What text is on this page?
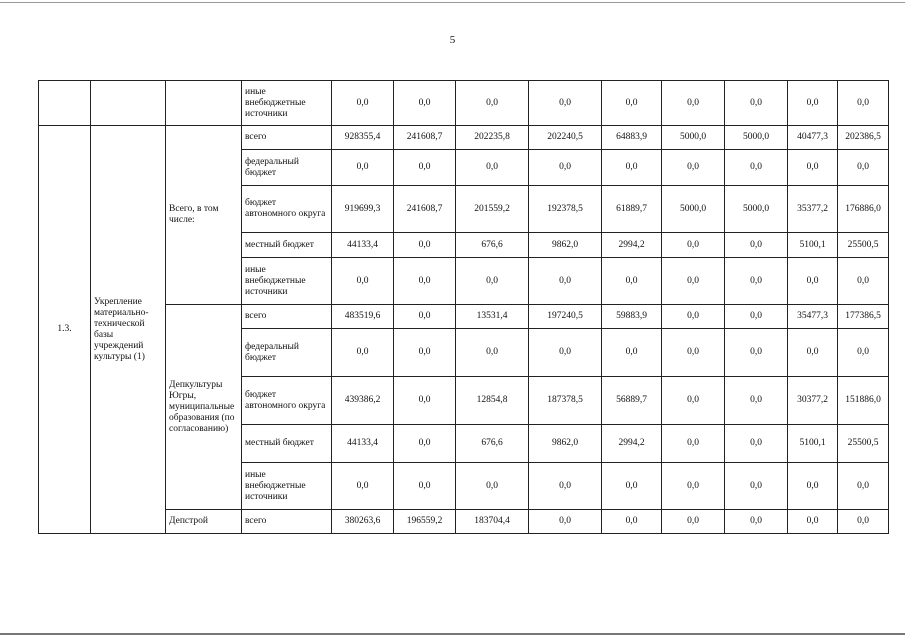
5
			иные внебюджетные источники	0,0	0,0	0,0	0,0	0,0	0,0	0,0	0,0	0,0
1.3.	Укрепление материально-технической базы учреждений культуры (1)	Всего, в том числе:	всего	928355,4	241608,7	202235,8	202240,5	64883,9	5000,0	5000,0	40477,3	202386,5
			федеральный бюджет	0,0	0,0	0,0	0,0	0,0	0,0	0,0	0,0	0,0
			бюджет автономного округа	919699,3	241608,7	201559,2	192378,5	61889,7	5000,0	5000,0	35377,2	176886,0
			местный бюджет	44133,4	0,0	676,6	9862,0	2994,2	0,0	0,0	5100,1	25500,5
			иные внебюджетные источники	0,0	0,0	0,0	0,0	0,0	0,0	0,0	0,0	0,0
		Депкультуры Югры, муниципальные образования (по согласованию)	всего	483519,6	0,0	13531,4	197240,5	59883,9	0,0	0,0	35477,3	177386,5
			федеральный бюджет	0,0	0,0	0,0	0,0	0,0	0,0	0,0	0,0	0,0
			бюджет автономного округа	439386,2	0,0	12854,8	187378,5	56889,7	0,0	0,0	30377,2	151886,0
			местный бюджет	44133,4	0,0	676,6	9862,0	2994,2	0,0	0,0	5100,1	25500,5
			иные внебюджетные источники	0,0	0,0	0,0	0,0	0,0	0,0	0,0	0,0	0,0
		Депстрой	всего	380263,6	196559,2	183704,4	0,0	0,0	0,0	0,0	0,0	0,0
